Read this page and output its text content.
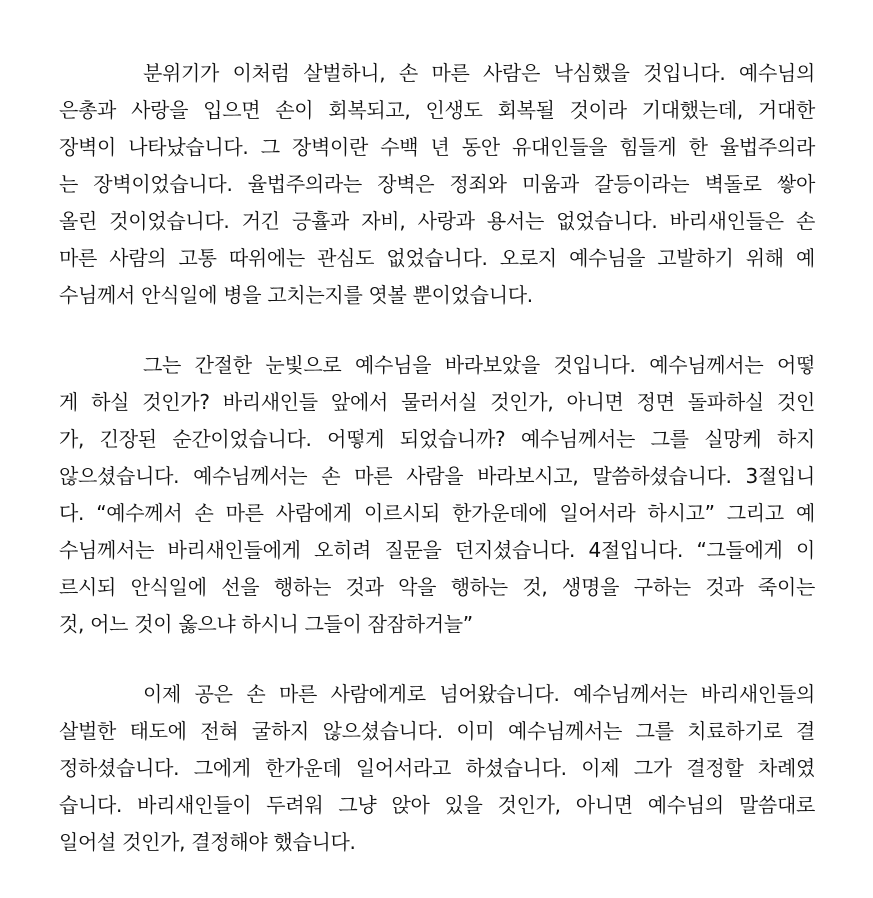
분위기가 이처럼 살벌하니, 손 마른 사람은 낙심했을 것입니다. 예수님의
은총과 사랑을 입으면 손이 회복되고, 인생도 회복될 것이라 기대했는데, 거대한
장벽이 나타났습니다. 그 장벽이란 수백 년 동안 유대인들을 힘들게 한 율법주의라
는 장벽이었습니다. 율법주의라는 장벽은 정죄와 미움과 갈등이라는 벽돌로 쌓아
올린 것이었습니다. 거긴 긍휼과 자비, 사랑과 용서는 없었습니다. 바리새인들은 손
마른 사람의 고통 따위에는 관심도 없었습니다. 오로지 예수님을 고발하기 위해 예
수님께서 안식일에 병을 고치는지를 엿볼 뿐이었습니다.
그는 간절한 눈빛으로 예수님을 바라보았을 것입니다. 예수님께서는 어떻
게 하실 것인가? 바리새인들 앞에서 물러서실 것인가, 아니면 정면 돌파하실 것인
가, 긴장된 순간이었습니다. 어떻게 되었습니까? 예수님께서는 그를 실망케 하지
않으셨습니다. 예수님께서는 손 마른 사람을 바라보시고, 말씀하셨습니다. 3절입니
다. “예수께서 손 마른 사람에게 이르시되 한가운데에 일어서라 하시고” 그리고 예
수님께서는 바리새인들에게 오히려 질문을 던지셨습니다. 4절입니다. “그들에게 이
르시되 안식일에 선을 행하는 것과 악을 행하는 것, 생명을 구하는 것과 죽이는
것, 어느 것이 옳으냐 하시니 그들이 잠잠하거늘”
이제 공은 손 마른 사람에게로 넘어왔습니다. 예수님께서는 바리새인들의
살벌한 태도에 전혀 굴하지 않으셨습니다. 이미 예수님께서는 그를 치료하기로 결
정하셨습니다. 그에게 한가운데 일어서라고 하셨습니다. 이제 그가 결정할 차례였
습니다. 바리새인들이 두려워 그냥 앉아 있을 것인가, 아니면 예수님의 말씀대로
일어설 것인가, 결정해야 했습니다.
